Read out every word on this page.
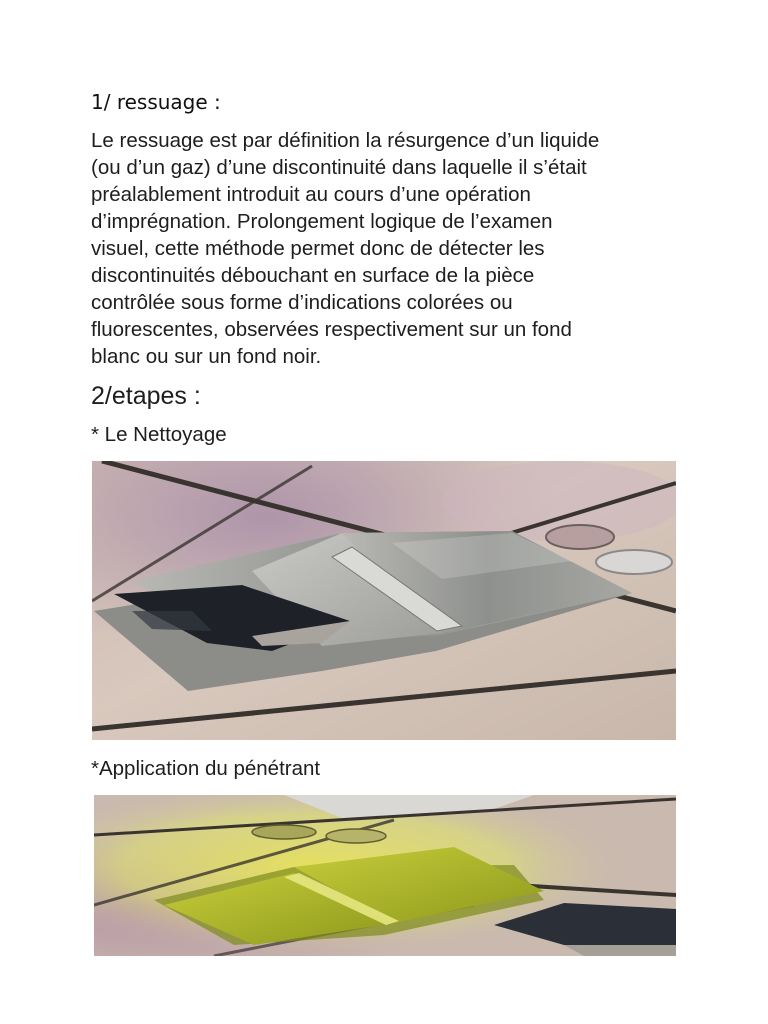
1/ ressuage :
Le ressuage est par définition la résurgence d’un liquide
(ou d’un gaz) d’une discontinuité dans laquelle il s’était
préalablement introduit au cours d’une opération
d’imprégnation. Prolongement logique de l’examen
visuel, cette méthode permet donc de détecter les
discontinuités débouchant en surface de la pièce
contrôlée sous forme d’indications colorées ou
fluorescentes, observées respectivement sur un fond
blanc ou sur un fond noir.
2/etapes :
* Le Nettoyage
*Application du pénétrant
